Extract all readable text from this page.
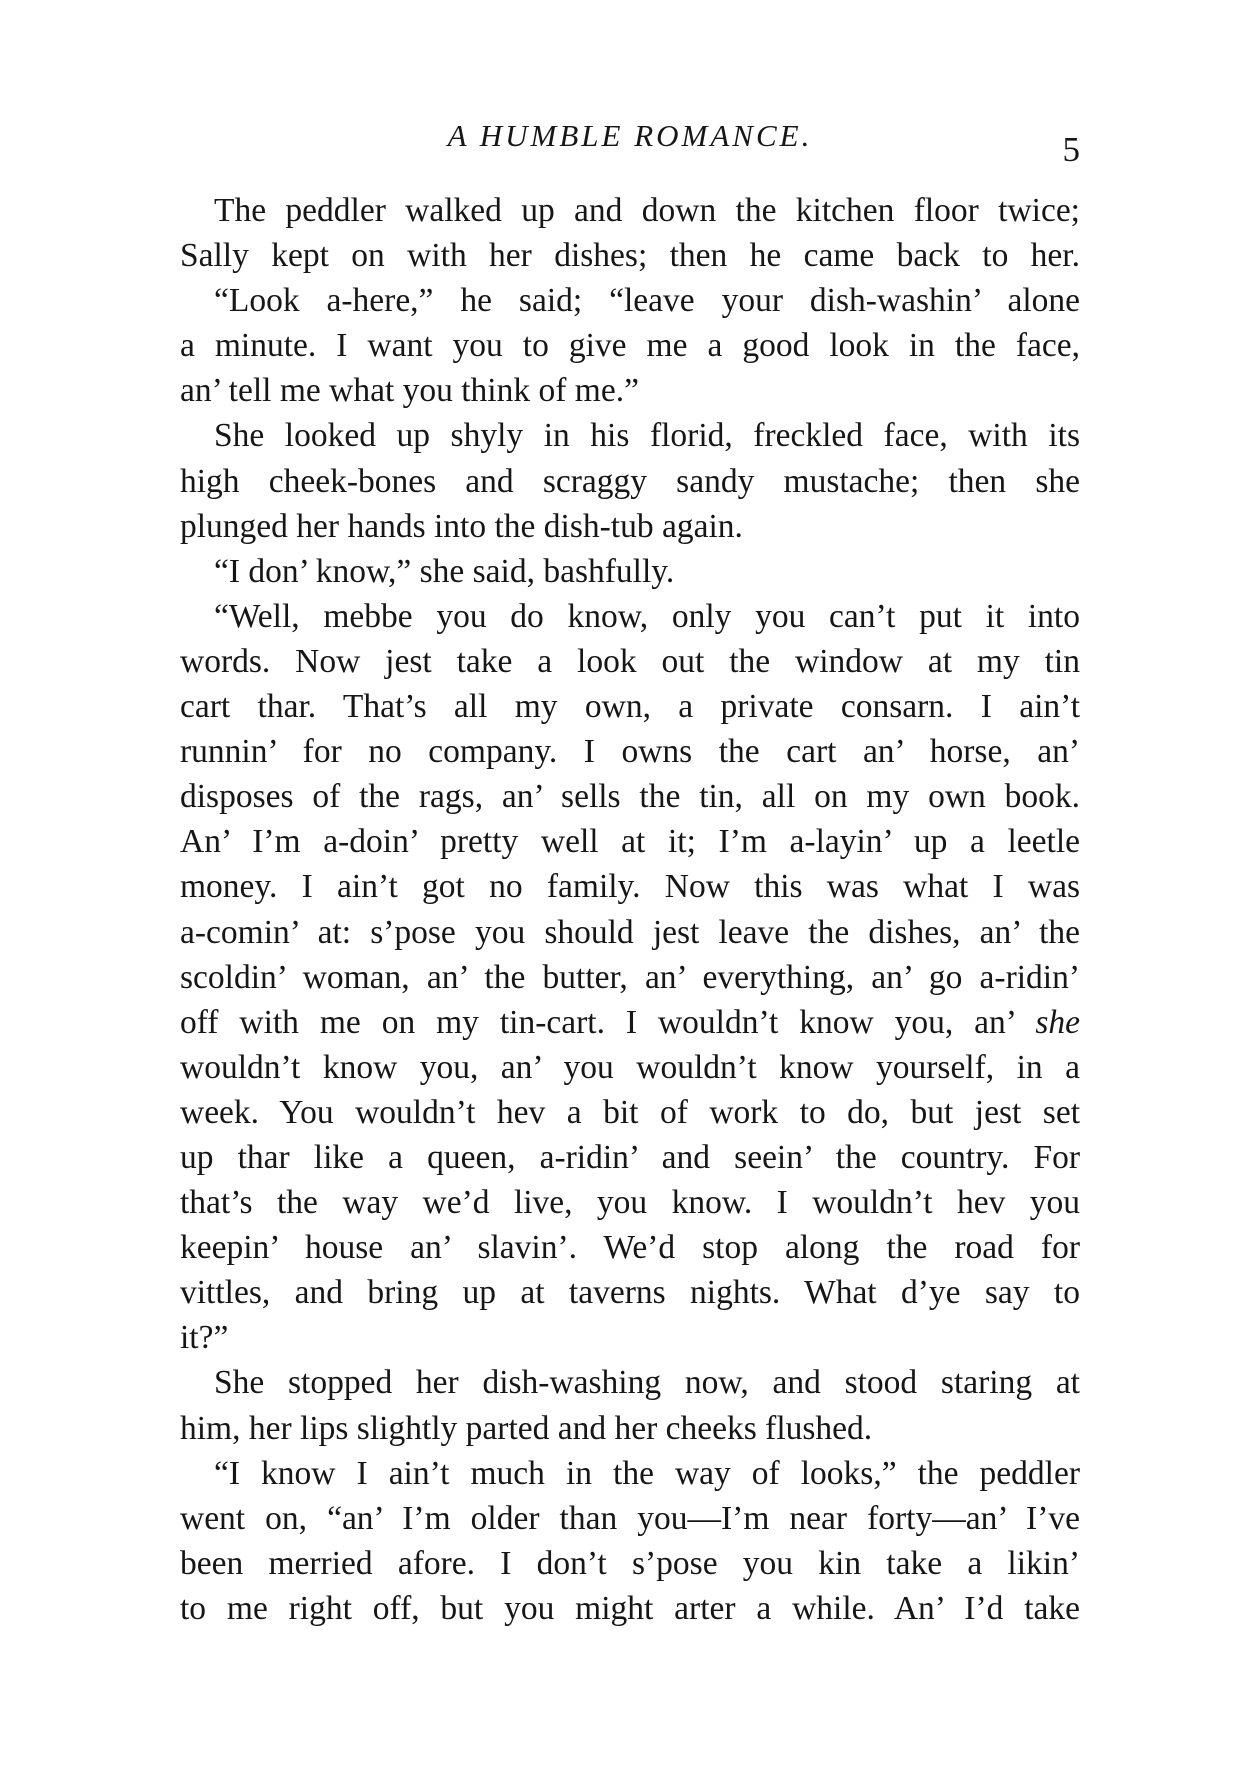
A HUMBLE ROMANCE.	5
The peddler walked up and down the kitchen floor twice;
Sally kept on with her dishes; then he came back to her.
“Look a-here,” he said; “leave your dish-washin’ alone
a minute. I want you to give me a good look in the face,
an’ tell me what you think of me.”
She looked up shyly in his florid, freckled face, with its
high cheek-bones and scraggy sandy mustache; then she
plunged her hands into the dish-tub again.
“I don’ know,” she said, bashfully.
“Well, mebbe you do know, only you can’t put it into
words. Now jest take a look out the window at my tin
cart thar. That’s all my own, a private consarn. I ain’t
runnin’ for no company. I owns the cart an’ horse, an’
disposes of the rags, an’ sells the tin, all on my own book.
An’ I’m a-doin’ pretty well at it; I’m a-layin’ up a leetle
money. I ain’t got no family. Now this was what I was
a-comin’ at: s’pose you should jest leave the dishes, an’ the
scoldin’ woman, an’ the butter, an’ everything, an’ go a-ridin’
off with me on my tin-cart. I wouldn’t know you, an’ she
wouldn’t know you, an’ you wouldn’t know yourself, in a
week. You wouldn’t hev a bit of work to do, but jest set
up thar like a queen, a-ridin’ and seein’ the country. For
that’s the way we’d live, you know. I wouldn’t hev you
keepin’ house an’ slavin’. We’d stop along the road for
vittles, and bring up at taverns nights. What d’ye say to
it?”
She stopped her dish-washing now, and stood staring at
him, her lips slightly parted and her cheeks flushed.
“I know I ain’t much in the way of looks,” the peddler
went on, “an’ I’m older than you—I’m near forty—an’ I’ve
been merried afore. I don’t s’pose you kin take a likin’
to me right off, but you might arter a while. An’ I’d take
